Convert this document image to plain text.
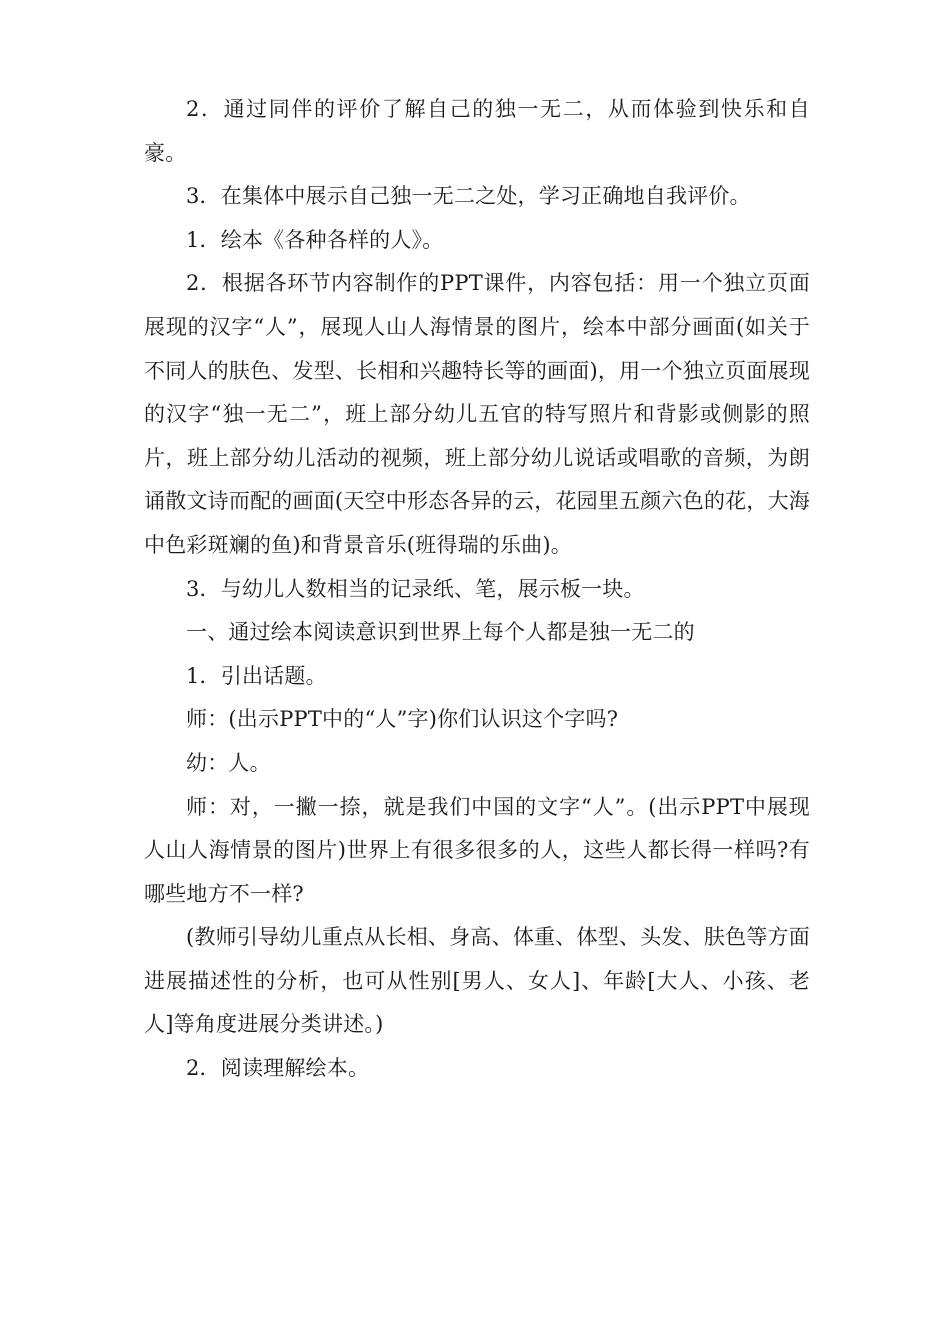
2．通过同伴的评价了解自己的独一无二，从而体验到快乐和自豪。

3．在集体中展示自己独一无二之处，学习正确地自我评价。

1．绘本《各种各样的人》。

2．根据各环节内容制作的PPT课件，内容包括：用一个独立页面展现的汉字“人”，展现人山人海情景的图片，绘本中部分画面(如关于不同人的肤色、发型、长相和兴趣特长等的画面)，用一个独立页面展现的汉字“独一无二”，班上部分幼儿五官的特写照片和背影或侧影的照片，班上部分幼儿活动的视频，班上部分幼儿说话或唱歌的音频，为朗诵散文诗而配的画面(天空中形态各异的云，花园里五颜六色的花，大海中色彩斑斓的鱼)和背景音乐(班得瑞的乐曲)。

3．与幼儿人数相当的记录纸、笔，展示板一块。

一、通过绘本阅读意识到世界上每个人都是独一无二的

1．引出话题。

师：(出示PPT中的“人”字)你们认识这个字吗?

幼：人。

师：对，一撇一捺，就是我们中国的文字“人”。(出示PPT中展现人山人海情景的图片)世界上有很多很多的人，这些人都长得一样吗?有哪些地方不一样?

(教师引导幼儿重点从长相、身高、体重、体型、头发、肤色等方面进展描述性的分析，也可从性别[男人、女人]、年龄[大人、小孩、老人]等角度进展分类讲述。)

2．阅读理解绘本。
